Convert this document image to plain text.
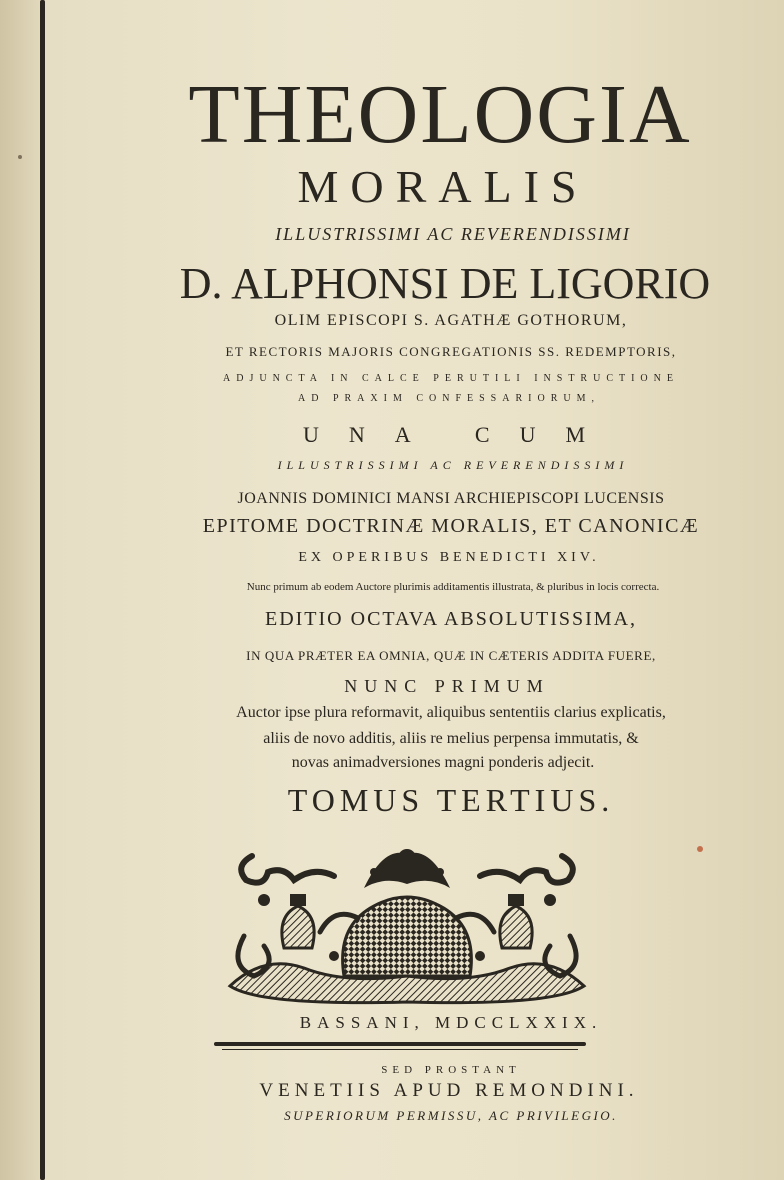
THEOLOGIA

MORALIS

ILLUSTRISSIMI AC REVERENDISSIMI

D. ALPHONSI DE LIGORIO

OLIM EPISCOPI S. AGATHÆ GOTHORUM,

ET RECTORIS MAJORIS CONGREGATIONIS SS. REDEMPTORIS,

ADJUNCTA IN CALCE PERUTILI INSTRUCTIONE

AD PRAXIM CONFESSARIORUM,

UNA CUM

ILLUSTRISSIMI AC REVERENDISSIMI

JOANNIS DOMINICI MANSI ARCHIEPISCOPI LUCENSIS

EPITOME DOCTRINÆ MORALIS, ET CANONICÆ

EX OPERIBUS BENEDICTI XIV.

Nunc primum ab eodem Auctore plurimis additamentis illustrata, & pluribus in locis correcta.

EDITIO OCTAVA ABSOLUTISSIMA,

IN QUA PRÆTER EA OMNIA, QUÆ IN CÆTERIS ADDITA FUERE,

NUNC PRIMUM

Auctor ipse plura reformavit, aliquibus sententiis clarius explicatis,

aliis de novo additis, aliis re melius perpensa immutatis, &

novas animadversiones magni ponderis adjecit.

TOMUS TERTIUS.

BASSANI, MDCCLXXIX.

SED PROSTANT

VENETIIS APUD REMONDINI.

SUPERIORUM PERMISSU, AC PRIVILEGIO.
